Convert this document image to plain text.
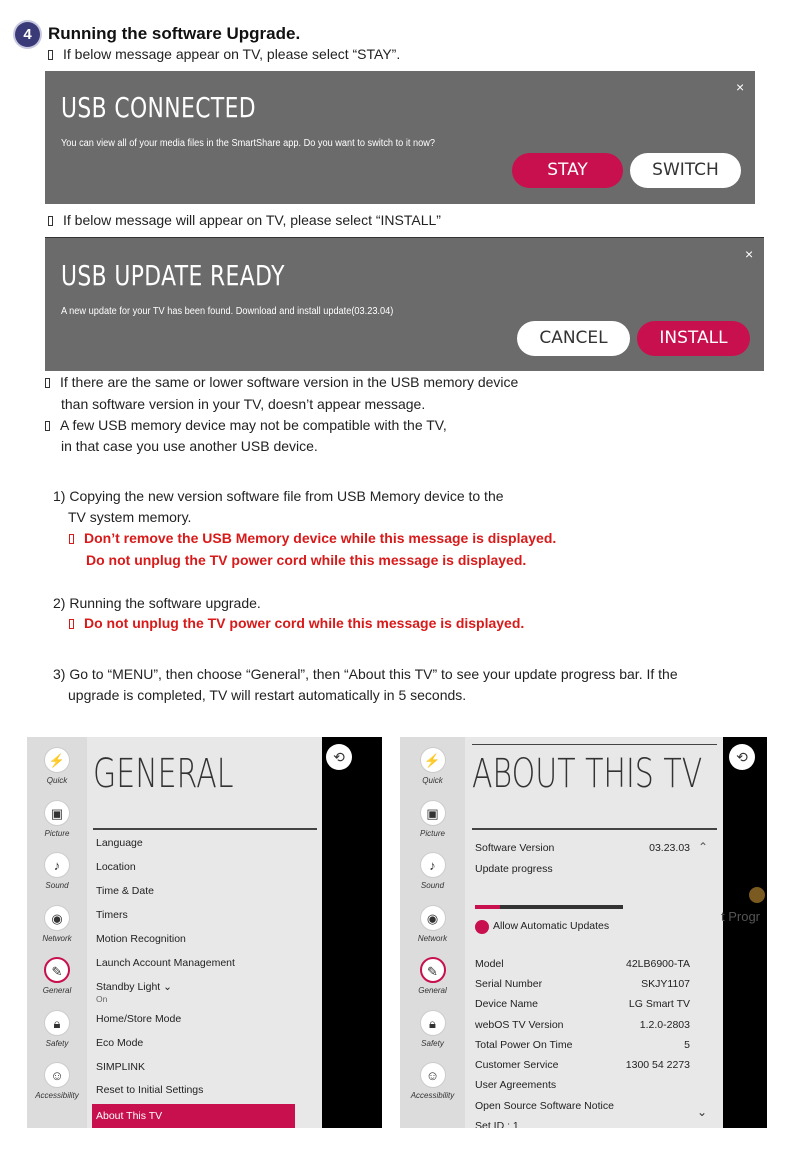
4 Running the software Upgrade.
If below message appear on TV, please select “STAY”.
USB CONNECTED
You can view all of your media files in the SmartShare app. Do you want to switch to it now?
×
STAY	SWITCH
If below message will appear on TV, please select “INSTALL”
USB UPDATE READY
A new update for your TV has been found. Download and install update(03.23.04)
×
CANCEL	INSTALL
If there are the same or lower software version in the USB memory device
than software version in your TV, doesn’t appear message.
A few USB memory device may not be compatible with the TV,
in that case you use another USB device.
1) Copying the new version software file from USB Memory device to the
TV system memory.
Don’t remove the USB Memory device while this message is displayed.
Do not unplug the TV power cord while this message is displayed.
2) Running the software upgrade.
Do not unplug the TV power cord while this message is displayed.
3) Go to “MENU”, then choose “General”, then “About this TV” to see your update progress bar. If the
upgrade is completed, TV will restart automatically in 5 seconds.
⚡
Quick
▣
Picture
♪
Sound
◉
Network
✎
General
🔒︎
Safety
☺
Accessibility
GENERAL
Language
Location
Time & Date
Timers
Motion Recognition
Launch Account Management
Standby Light ⌄
On
Home/Store Mode
Eco Mode
SIMPLINK
Reset to Initial Settings
About This TV
⟲	⚡
Quick
▣
Picture
♪
Sound
◉
Network
✎
General
🔒︎
Safety
☺
Accessibility
ABOUT THIS TV
Software Version	03.23.03 ⌃
Update progress
Allow Automatic Updates
Model	42LB6900-TA
Serial Number	SKJY1107
Device Name	LG Smart TV
webOS TV Version	1.2.0-2803
Total Power On Time	5
Customer Service	1300 54 2273
User Agreements
Open Source Software Notice
Set ID : 1
⌄
t Progr
⟲
